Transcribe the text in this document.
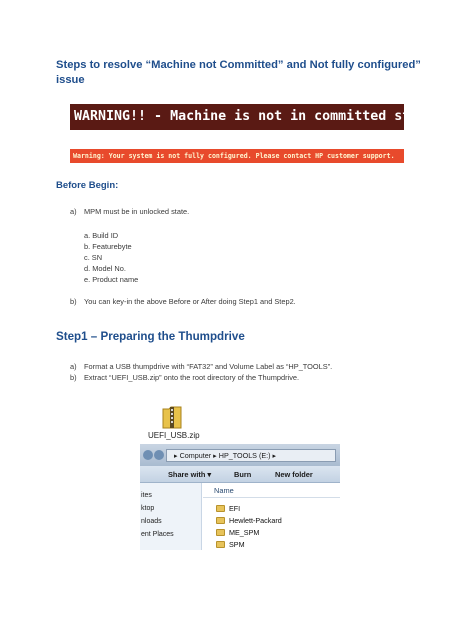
Steps to resolve “Machine not Committed” and Not fully configured” issue
WARNING!! - Machine is not in committed state!
Warning: Your system is not fully configured. Please contact HP customer support.
Before Begin:
a) MPM must be in unlocked state.
a. Build ID
b. Featurebyte
c. SN
d. Model No.
e. Product name
b) You can key-in the above Before or After doing Step1 and Step2.
Step1 – Preparing the Thumpdrive
a) Format a USB thumpdrive with “FAT32” and Volume Label as “HP_TOOLS”.
b) Extract “UEFI_USB.zip” onto the root directory of the Thumpdrive.
UEFI_USB.zip
▸ Computer ▸ HP_TOOLS (E:) ▸
Share with ▾	Burn	New folder
ites
ktop
nloads
ent Places
Name
EFI
Hewlett-Packard
ME_SPM
SPM
